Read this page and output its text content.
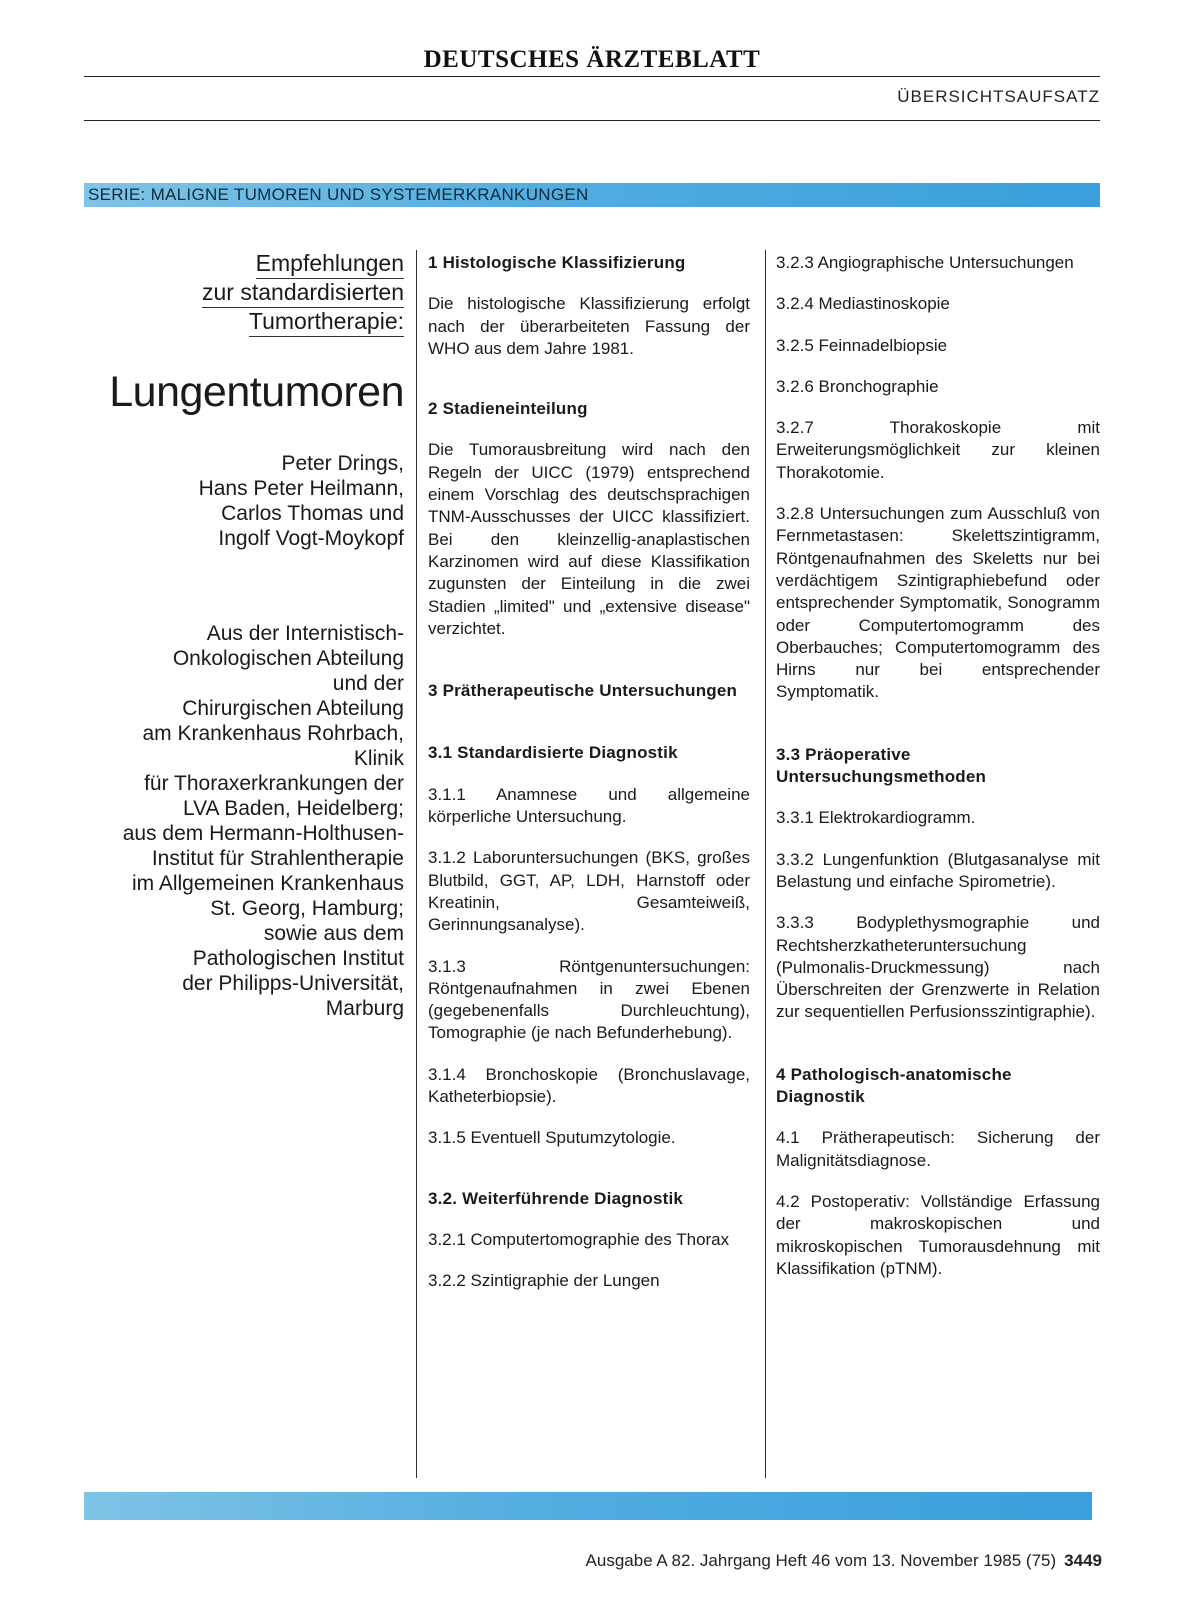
DEUTSCHES ÄRZTEBLATT
ÜBERSICHTSAUFSATZ
SERIE: MALIGNE TUMOREN UND SYSTEMERKRANKUNGEN
Empfehlungen
zur standardisierten
Tumortherapie:
Lungentumoren
Peter Drings,
Hans Peter Heilmann,
Carlos Thomas und
Ingolf Vogt-Moykopf
Aus der Internistisch-
Onkologischen Abteilung
und der
Chirurgischen Abteilung
am Krankenhaus Rohrbach,
Klinik
für Thoraxerkrankungen der
LVA Baden, Heidelberg;
aus dem Hermann-Holthusen-
Institut für Strahlentherapie
im Allgemeinen Krankenhaus
St. Georg, Hamburg;
sowie aus dem
Pathologischen Institut
der Philipps-Universität,
Marburg
1 Histologische Klassifizierung

Die histologische Klassifizierung erfolgt nach der überarbeiteten Fassung der WHO aus dem Jahre 1981.

2 Stadieneinteilung

Die Tumorausbreitung wird nach den Regeln der UICC (1979) entsprechend einem Vorschlag des deutschsprachigen TNM-Ausschusses der UICC klassifiziert. Bei den kleinzellig-anaplastischen Karzinomen wird auf diese Klassifikation zugunsten der Einteilung in die zwei Stadien „limited" und „extensive disease" verzichtet.

3 Prätherapeutische Untersuchungen
3.1 Standardisierte Diagnostik

3.1.1 Anamnese und allgemeine körperliche Untersuchung.

3.1.2 Laboruntersuchungen (BKS, großes Blutbild, GGT, AP, LDH, Harnstoff oder Kreatinin, Gesamteiweiß, Gerinnungsanalyse).

3.1.3 Röntgenuntersuchungen: Röntgenaufnahmen in zwei Ebenen (gegebenenfalls Durchleuchtung), Tomographie (je nach Befunderhebung).

3.1.4 Bronchoskopie (Bronchuslavage, Katheterbiopsie).

3.1.5 Eventuell Sputumzytologie.

3.2. Weiterführende Diagnostik

3.2.1 Computertomographie des Thorax

3.2.2 Szintigraphie der Lungen

3.2.3 Angiographische Untersuchungen

3.2.4 Mediastinoskopie

3.2.5 Feinnadelbiopsie

3.2.6 Bronchographie

3.2.7 Thorakoskopie mit Erweiterungsmöglichkeit zur kleinen Thorakotomie.

3.2.8 Untersuchungen zum Ausschluß von Fernmetastasen: Skelettszintigramm, Röntgenaufnahmen des Skeletts nur bei verdächtigem Szintigraphiebefund oder entsprechender Symptomatik, Sonogramm oder Computertomogramm des Oberbauches; Computertomogramm des Hirns nur bei entsprechender Symptomatik.

3.3 Präoperative Untersuchungsmethoden

3.3.1 Elektrokardiogramm.

3.3.2 Lungenfunktion (Blutgasanalyse mit Belastung und einfache Spirometrie).

3.3.3 Bodyplethysmographie und Rechtsherzkatheteruntersuchung (Pulmonalis-Druckmessung) nach Überschreiten der Grenzwerte in Relation zur sequentiellen Perfusionsszintigraphie).

4 Pathologisch-anatomische Diagnostik

4.1 Prätherapeutisch: Sicherung der Malignitätsdiagnose.

4.2 Postoperativ: Vollständige Erfassung der makroskopischen und mikroskopischen Tumorausdehnung mit Klassifikation (pTNM).

Ausgabe A 82. Jahrgang Heft 46 vom 13. November 1985 (75) 3449
